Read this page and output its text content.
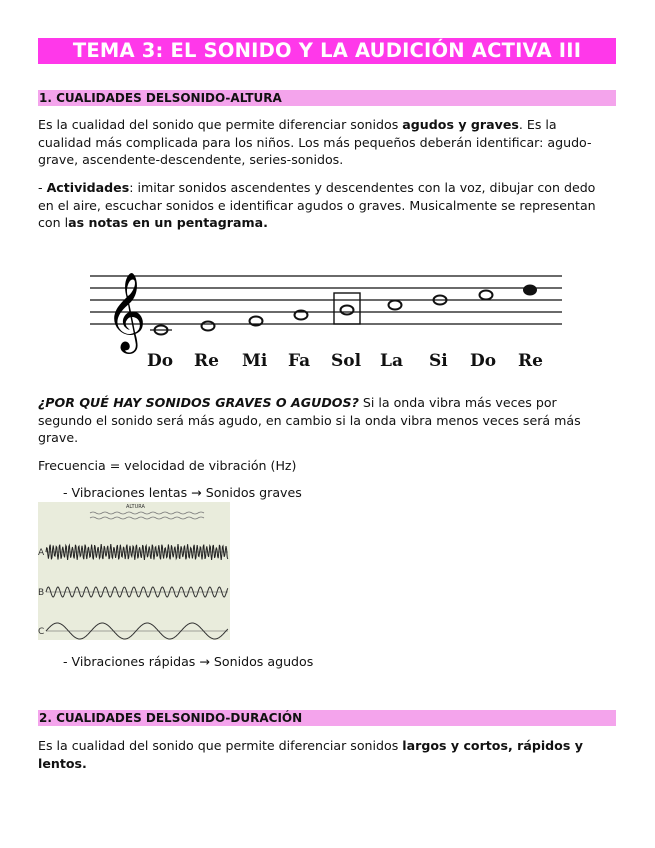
TEMA 3: EL SONIDO Y LA AUDICIÓN ACTIVA III
1. CUALIDADES DELSONIDO-ALTURA

Es la cualidad del sonido que permite diferenciar sonidos agudos y graves. Es la cualidad más complicada para los niños. Los más pequeños deberán identificar: agudo-grave, ascendente-descendente, series-sonidos.

- Actividades: imitar sonidos ascendentes y descendentes con la voz, dibujar con dedo en el aire, escuchar sonidos e identificar agudos o graves. Musicalmente se representan con las notas en un pentagrama.

𝄞
Do Re Mi Fa Sol La Si Do Re

¿POR QUÉ HAY SONIDOS GRAVES O AGUDOS? Si la onda vibra más veces por segundo el sonido será más agudo, en cambio si la onda vibra menos veces será más grave.

Frecuencia = velocidad de vibración (Hz)
- Vibraciones lentas → Sonidos graves
ALTURA
A
B
C
- Vibraciones rápidas → Sonidos agudos
2. CUALIDADES DELSONIDO-DURACIÓN

Es la cualidad del sonido que permite diferenciar sonidos largos y cortos, rápidos y lentos.
